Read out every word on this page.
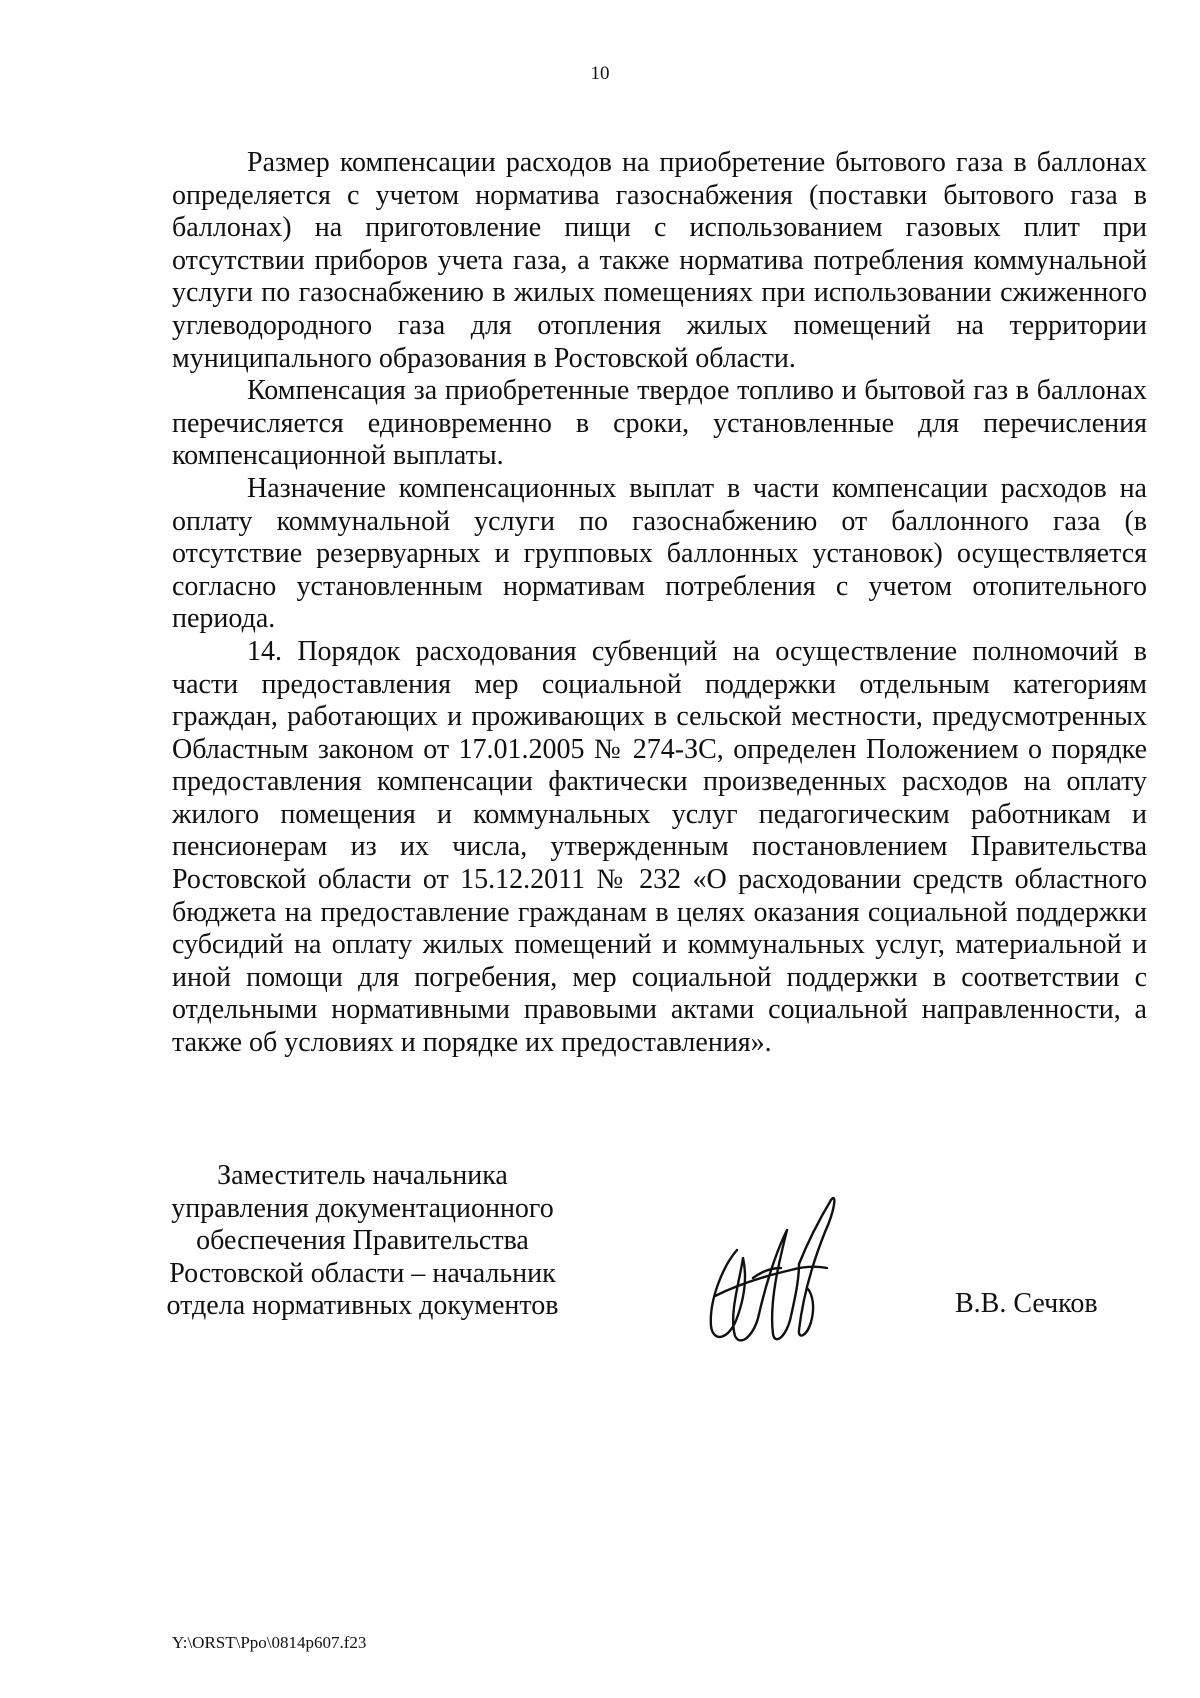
10

Размер компенсации расходов на приобретение бытового газа в баллонах определяется с учетом норматива газоснабжения (поставки бытового газа в баллонах) на приготовление пищи с использованием газовых плит при отсутствии приборов учета газа, а также норматива потребления коммунальной услуги по газоснабжению в жилых помещениях при использовании сжиженного углеводородного газа для отопления жилых помещений на территории муниципального образования в Ростовской области.

Компенсация за приобретенные твердое топливо и бытовой газ в баллонах перечисляется единовременно в сроки, установленные для перечисления компенсационной выплаты.

Назначение компенсационных выплат в части компенсации расходов на оплату коммунальной услуги по газоснабжению от баллонного газа (в отсутствие резервуарных и групповых баллонных установок) осуществляется согласно установленным нормативам потребления с учетом отопительного периода.

14. Порядок расходования субвенций на осуществление полномочий в части предоставления мер социальной поддержки отдельным категориям граждан, работающих и проживающих в сельской местности, предусмотренных Областным законом от 17.01.2005 № 274-ЗС, определен Положением о порядке предоставления компенсации фактически произведенных расходов на оплату жилого помещения и коммунальных услуг педагогическим работникам и пенсионерам из их числа, утвержденным постановлением Правительства Ростовской области от 15.12.2011 № 232 «О расходовании средств областного бюджета на предоставление гражданам в целях оказания социальной поддержки субсидий на оплату жилых помещений и коммунальных услуг, материальной и иной помощи для погребения, мер социальной поддержки в соответствии с отдельными нормативными правовыми актами социальной направленности, а также об условиях и порядке их предоставления».

Заместитель начальника
управления документационного
обеспечения Правительства
Ростовской области – начальник
отдела нормативных документов	В.В. Сечков
Y:\ORST\Ppo\0814p607.f23
